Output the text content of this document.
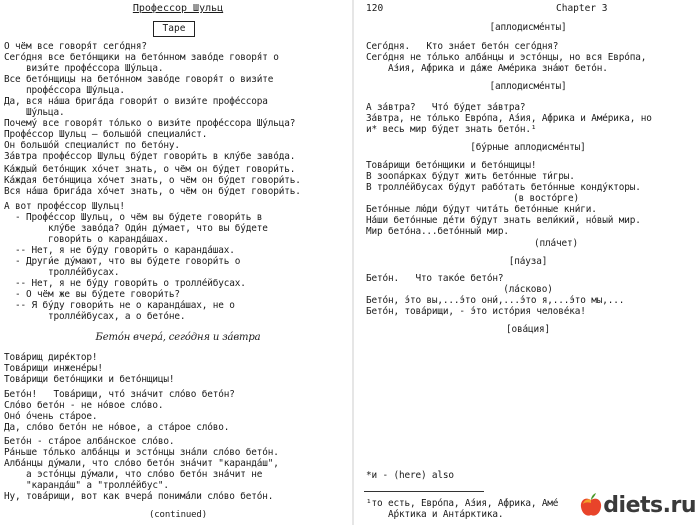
Профессор Шульц
Tape
О чём все говоря́т сего́дня?
Сего́дня все бето́нщики на бето́нном заво́де говоря́т о
визи́те профе́ссора Шу́льца.
Все бето́нщицы на бето́нном заво́де говоря́т о визи́те
профе́ссора Шу́льца.
Да, вся на́ша брига́да говори́т о визи́те профе́ссора
Шу́льца.
Почему́ все говоря́т то́лько о визи́те профе́ссора Шу́льца?
Профе́ссор Шульц — большо́й специали́ст.
Он большо́й специали́ст по бето́ну.
За́втра профе́ссор Шульц бу́дет говори́ть в клу́бе заво́да.
Ка́ждый бето́нщик хо́чет знать, о чём он бу́дет говори́ть.
Ка́ждая бето́нщица хо́чет знать, о чём он бу́дет говори́ть.
Вся на́ша брига́да хо́чет знать, о чём он бу́дет говори́ть.
А вот профе́ссор Шульц!
- Профе́ссор Шульц, о чём вы бу́дете говори́ть в
клу́бе заво́да? Оди́н ду́мает, что вы бу́дете
говори́ть о каранда́шах.
-- Нет, я не бу́ду говори́ть о каранда́шах.
- Други́е ду́мают, что вы бу́дете говори́ть о
тролле́йбусах.
-- Нет, я не бу́ду говори́ть о тролле́йбусах.
- О чём же вы бу́дете говори́ть?
-- Я бу́ду говори́ть не о каранда́шах, не о
тролле́йбусах, а о бето́не.
Бето́н вчера́, сего́дня и за́втра
Това́рищ дире́ктор!
Това́рищи инжене́ры!
Това́рищи бето́нщики и бето́нщицы!
Бето́н!   Това́рищи, что́ зна́чит сло́во бето́н?
Сло́во бето́н - не но́вое сло́во.
Оно́ о́чень ста́рое.
Да, сло́во бето́н не но́вое, а ста́рое сло́во.
Бето́н - ста́рое алба́нское сло́во.
Ра́ньше то́лько алба́нцы и эсто́нцы зна́ли сло́во бето́н.
Алба́нцы ду́мали, что сло́во бето́н зна́чит "каранда́ш",
а эсто́нцы ду́мали, что сло́во бето́н зна́чит не
"каранда́ш" а "тролле́йбус".
Ну, това́рищи, вот как вчера́ понима́ли сло́во бето́н.
(continued)
120	Chapter 3
[аплодисме́нты]
Сего́дня.   Кто зна́ет бето́н сего́дня?
Сего́дня не то́лько алба́нцы и эсто́нцы, но вся Евро́па,
А́зия, А́фрика и да́же Аме́рика зна́ют бето́н.
[аплодисме́нты]
А за́втра?   Что́ бу́дет за́втра?
За́втра, не то́лько Евро́па, А́зия, А́фрика и Аме́рика, но
и* весь мир бу́дет знать бето́н.¹
[бу́рные аплодисме́нты]
Това́рищи бето́нщики и бето́нщицы!
В зоопа́рках бу́дут жить бето́нные ти́гры.
В тролле́йбусах бу́дут рабо́тать бето́нные конду́кторы.
(в восто́рге)
Бето́нные лю́ди бу́дут чита́ть бето́нные кни́ги.
На́ши бето́нные де́ти бу́дут знать вели́кий, но́вый мир.
Мир бето́на...бето́нный мир.
(пла́чет)
[па́уза]
Бето́н.   Что тако́е бето́н?
(ла́сково)
Бето́н, э́то вы,...э́то они́,...э́то я,...э́то мы,...
Бето́н, това́рищи, - э́то исто́рия челове́ка!
[ова́ция]
*и - (here) also
¹то есть, Евро́па, А́зия, А́фрика, Аме́
А́рктика и Анта́рктика.	diets.ru
